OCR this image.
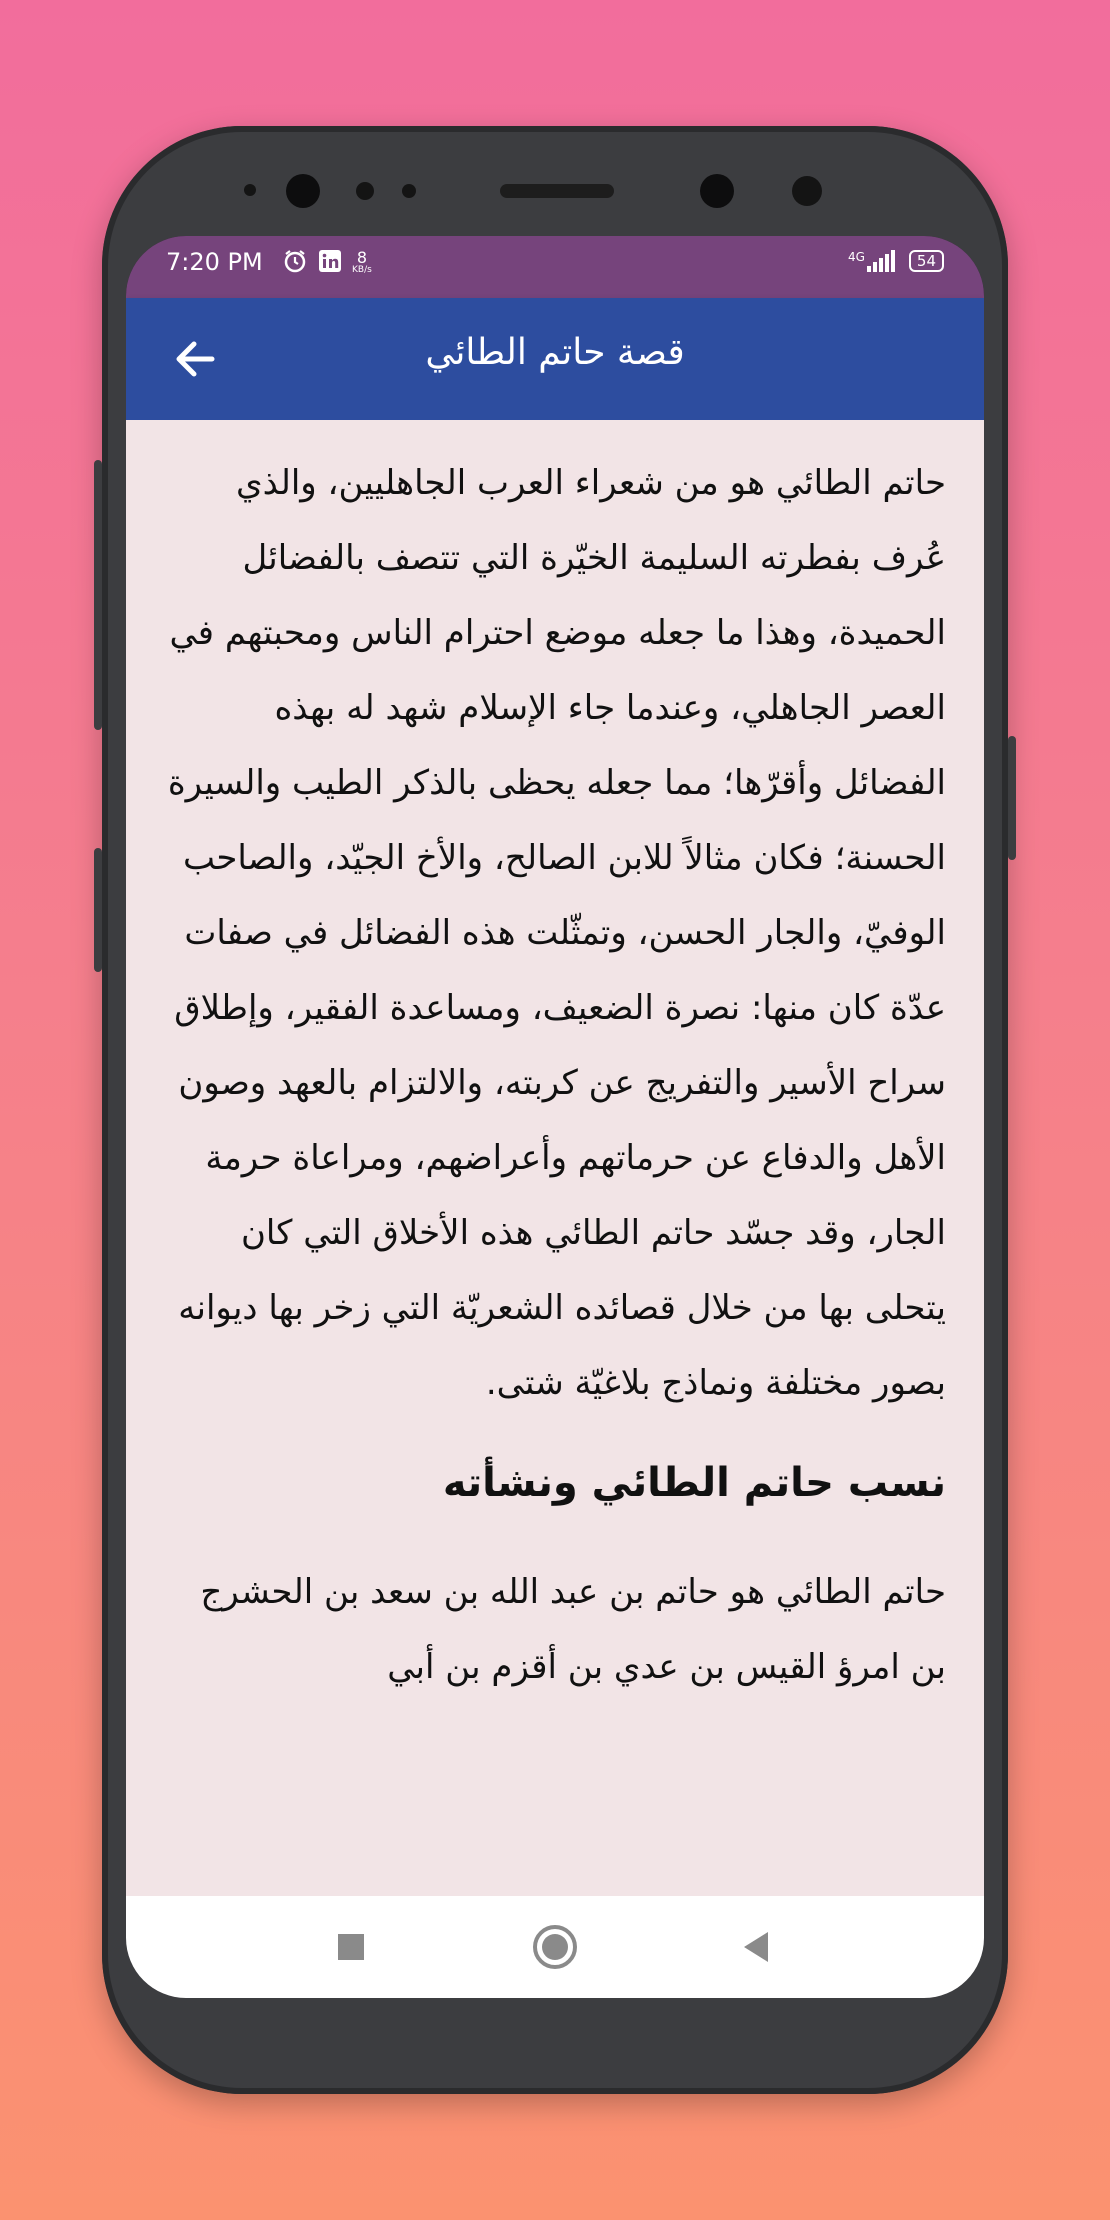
7:20 PM	8
KB/s
4G	54
قصة حاتم الطائي

حاتم الطائي هو من شعراء العرب الجاهليين، والذي عُرف بفطرته السليمة الخيّرة التي تتصف بالفضائل الحميدة، وهذا ما جعله موضع احترام الناس ومحبتهم في العصر الجاهلي، وعندما جاء الإسلام شهد له بهذه الفضائل وأقرّها؛ مما جعله يحظى بالذكر الطيب والسيرة الحسنة؛ فكان مثالاً للابن الصالح، والأخ الجيّد، والصاحب الوفيّ، والجار الحسن، وتمثّلت هذه الفضائل في صفات عدّة كان منها: نصرة الضعيف، ومساعدة الفقير، وإطلاق سراح الأسير والتفريج عن كربته، والالتزام بالعهد وصون الأهل والدفاع عن حرماتهم وأعراضهم، ومراعاة حرمة الجار، وقد جسّد حاتم الطائي هذه الأخلاق التي كان يتحلى بها من خلال قصائده الشعريّة التي زخر بها ديوانه بصور مختلفة ونماذج بلاغيّة شتى.

نسب حاتم الطائي ونشأته

حاتم الطائي هو حاتم بن عبد الله بن سعد بن الحشرج بن امرؤ القيس بن عدي بن أقزم بن أبي
